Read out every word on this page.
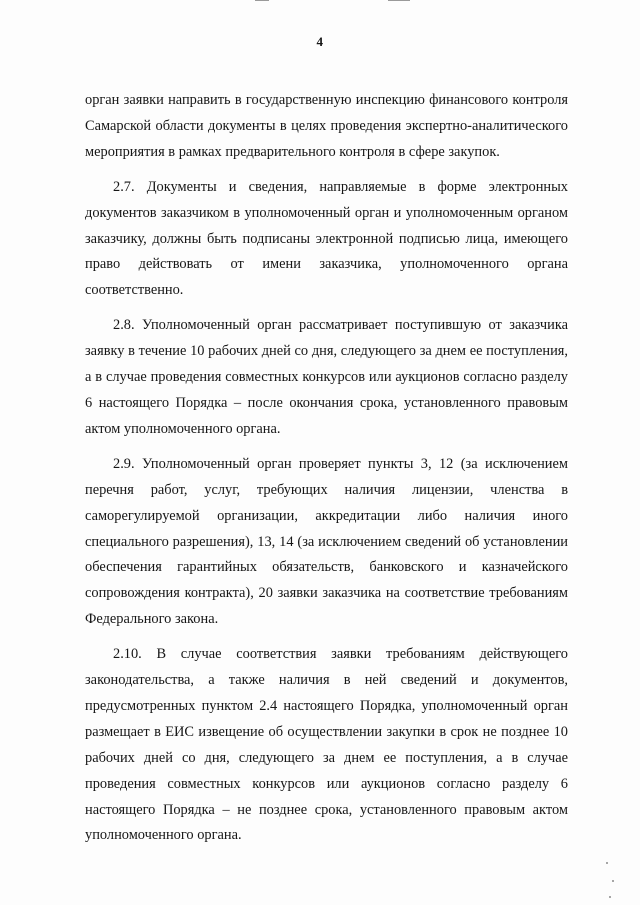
4

орган заявки направить в государственную инспекцию финансового контроля Самарской области документы в целях проведения экспертно-аналитического мероприятия в рамках предварительного контроля в сфере закупок.

2.7. Документы и сведения, направляемые в форме электронных документов заказчиком в уполномоченный орган и уполномоченным органом заказчику, должны быть подписаны электронной подписью лица, имеющего право действовать от имени заказчика, уполномоченного органа соответственно.

2.8. Уполномоченный орган рассматривает поступившую от заказчика заявку в течение 10 рабочих дней со дня, следующего за днем ее поступления, а в случае проведения совместных конкурсов или аукционов согласно разделу 6 настоящего Порядка – после окончания срока, установленного правовым актом уполномоченного органа.

2.9. Уполномоченный орган проверяет пункты 3, 12 (за исключением перечня работ, услуг, требующих наличия лицензии, членства в саморегулируемой организации, аккредитации либо наличия иного специального разрешения), 13, 14 (за исключением сведений об установлении обеспечения гарантийных обязательств, банковского и казначейского сопровождения контракта), 20 заявки заказчика на соответствие требованиям Федерального закона.

2.10. В случае соответствия заявки требованиям действующего законодательства, а также наличия в ней сведений и документов, предусмотренных пунктом 2.4 настоящего Порядка, уполномоченный орган размещает в ЕИС извещение об осуществлении закупки в срок не позднее 10 рабочих дней со дня, следующего за днем ее поступления, а в случае проведения совместных конкурсов или аукционов согласно разделу 6 настоящего Порядка – не позднее срока, установленного правовым актом уполномоченного органа.
